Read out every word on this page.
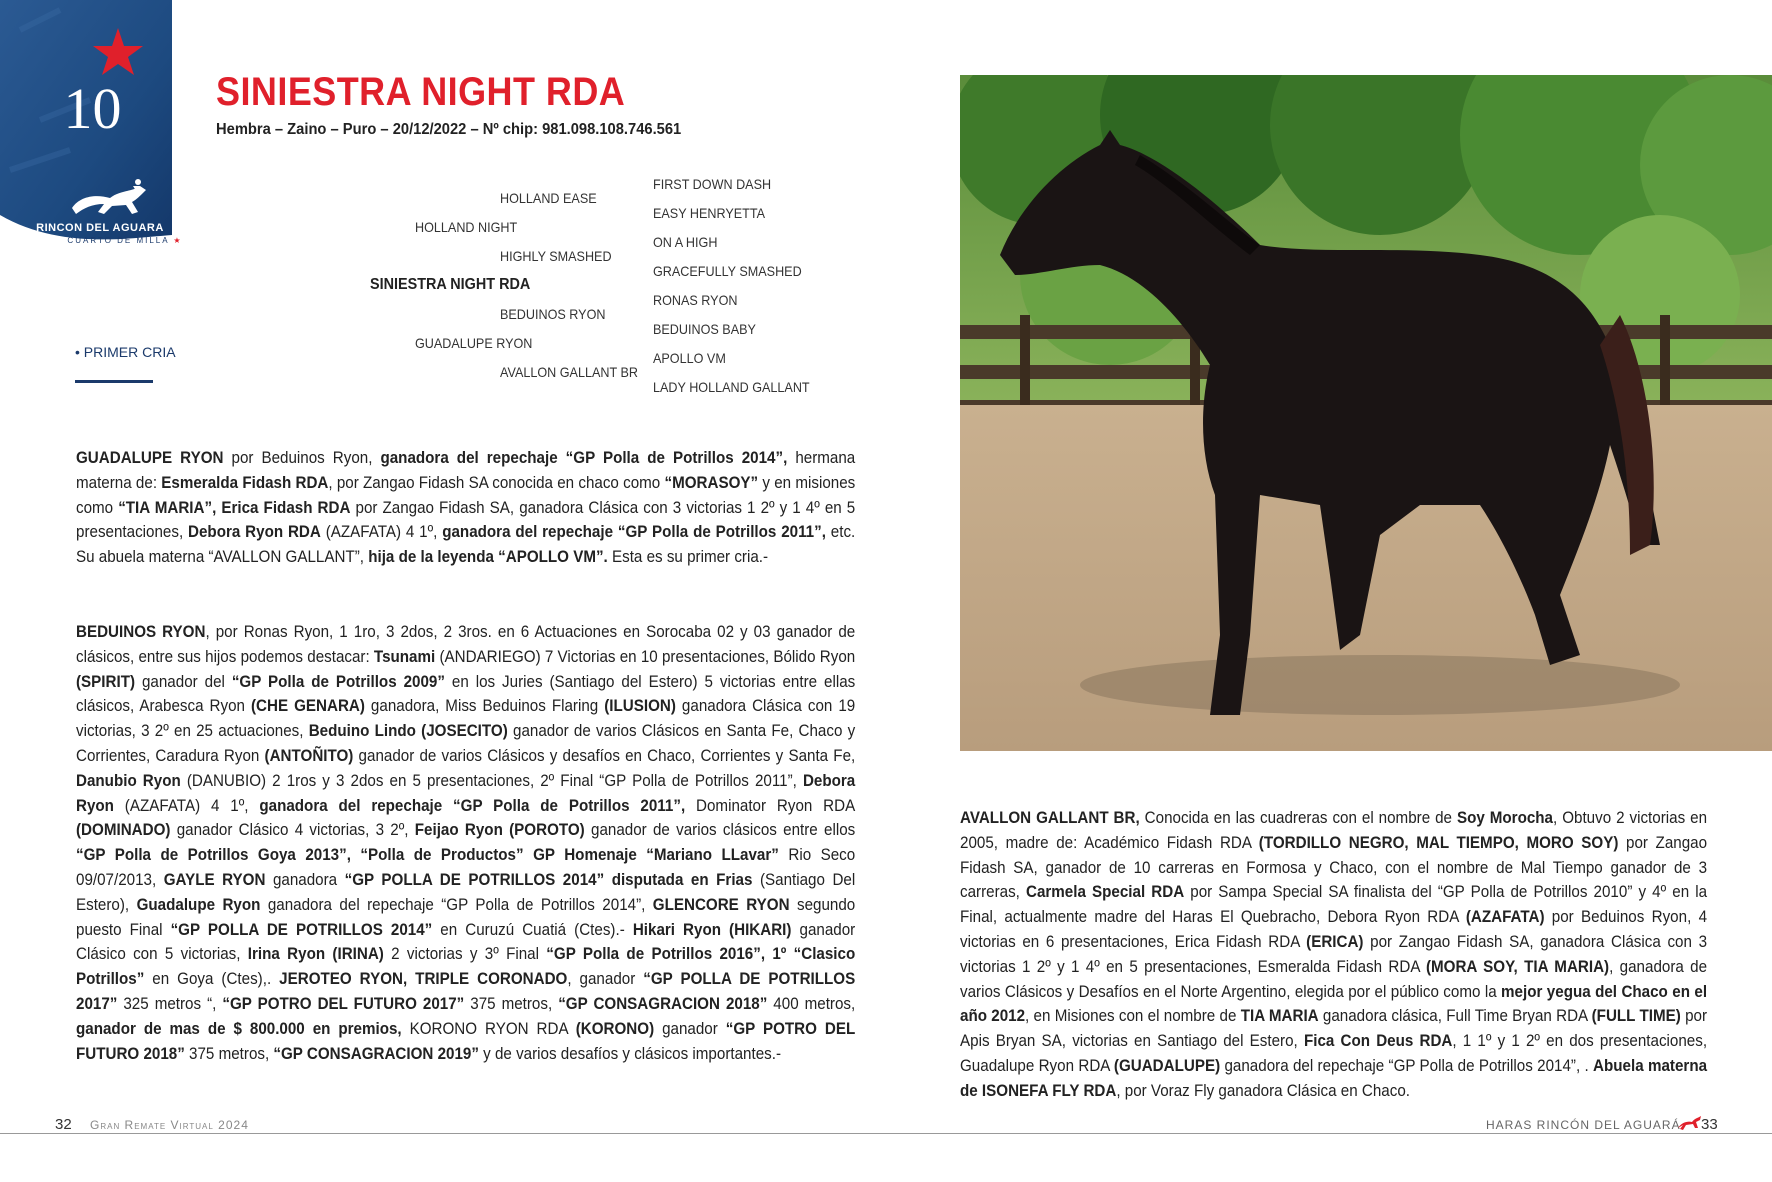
10
RINCON DEL AGUARA
CUARTO DE MILLA ★
SINIESTRA NIGHT RDA
Hembra – Zaino – Puro – 20/12/2022 – Nº chip: 981.098.108.746.561
HOLLAND EASE
HOLLAND NIGHT
HIGHLY SMASHED
SINIESTRA NIGHT RDA
BEDUINOS RYON
GUADALUPE RYON
AVALLON GALLANT BR
FIRST DOWN DASH
EASY HENRYETTA
ON A HIGH
GRACEFULLY SMASHED
RONAS RYON
BEDUINOS BABY
APOLLO VM
LADY HOLLAND GALLANT
• PRIMER CRIA
GUADALUPE RYON por Beduinos Ryon, ganadora del repechaje “GP Polla de Potrillos 2014”, hermana materna de: Esmeralda Fidash RDA, por Zangao Fidash SA conocida en chaco como “MORASOY” y en misiones como “TIA MARIA”, Erica Fidash RDA por Zangao Fidash SA, ganadora Clásica con 3 victorias 1 2º y 1 4º en 5 presentaciones, Debora Ryon RDA (AZAFATA) 4 1º, ganadora del repechaje “GP Polla de Potrillos 2011”, etc. Su abuela materna “AVALLON GALLANT”, hija de la leyenda “APOLLO VM”. Esta es su primer cria.-
BEDUINOS RYON, por Ronas Ryon, 1 1ro, 3 2dos, 2 3ros. en 6 Actuaciones en Sorocaba 02 y 03 ganador de clásicos, entre sus hijos podemos destacar: Tsunami (ANDARIEGO) 7 Victorias en 10 presentaciones, Bólido Ryon (SPIRIT) ganador del “GP Polla de Potrillos 2009” en los Juries (Santiago del Estero) 5 victorias entre ellas clásicos, Arabesca Ryon (CHE GENARA) ganadora, Miss Beduinos Flaring (ILUSION) ganadora Clásica con 19 victorias, 3 2º en 25 actuaciones, Beduino Lindo (JOSECITO) ganador de varios Clásicos en Santa Fe, Chaco y Corrientes, Caradura Ryon (ANTOÑITO) ganador de varios Clásicos y desafíos en Chaco, Corrientes y Santa Fe, Danubio Ryon (DANUBIO) 2 1ros y 3 2dos en 5 presentaciones, 2º Final “GP Polla de Potrillos 2011”, Debora Ryon (AZAFATA) 4 1º, ganadora del repechaje “GP Polla de Potrillos 2011”, Dominator Ryon RDA (DOMINADO) ganador Clásico 4 victorias, 3 2º, Feijao Ryon (POROTO) ganador de varios clásicos entre ellos “GP Polla de Potrillos Goya 2013”, “Polla de Productos” GP Homenaje “Mariano LLavar” Rio Seco 09/07/2013, GAYLE RYON ganadora “GP POLLA DE POTRILLOS 2014” disputada en Frias (Santiago Del Estero), Guadalupe Ryon ganadora del repechaje “GP Polla de Potrillos 2014”, GLENCORE RYON segundo puesto Final “GP POLLA DE POTRILLOS 2014” en Curuzú Cuatiá (Ctes).- Hikari Ryon (HIKARI) ganador Clásico con 5 victorias, Irina Ryon (IRINA) 2 victorias y 3º Final “GP Polla de Potrillos 2016”, 1º “Clasico Potrillos” en Goya (Ctes),. JEROTEO RYON, TRIPLE CORONADO, ganador “GP POLLA DE POTRILLOS 2017” 325 metros “, “GP POTRO DEL FUTURO 2017” 375 metros, “GP CONSAGRACION 2018” 400 metros, ganador de mas de $ 800.000 en premios, KORONO RYON RDA (KORONO) ganador “GP POTRO DEL FUTURO 2018” 375 metros, “GP CONSAGRACION 2019” y de varios desafíos y clásicos importantes.-
32 Gran Remate Virtual 2024	HARAS RINCÓN DEL AGUARÁ 33
AVALLON GALLANT BR, Conocida en las cuadreras con el nombre de Soy Morocha, Obtuvo 2 victorias en 2005, madre de: Académico Fidash RDA (TORDILLO NEGRO, MAL TIEMPO, MORO SOY) por Zangao Fidash SA, ganador de 10 carreras en Formosa y Chaco, con el nombre de Mal Tiempo ganador de 3 carreras, Carmela Special RDA por Sampa Special SA finalista del “GP Polla de Potrillos 2010” y 4º en la Final, actualmente madre del Haras El Quebracho, Debora Ryon RDA (AZAFATA) por Beduinos Ryon, 4 victorias en 6 presentaciones, Erica Fidash RDA (ERICA) por Zangao Fidash SA, ganadora Clásica con 3 victorias 1 2º y 1 4º en 5 presentaciones, Esmeralda Fidash RDA (MORA SOY, TIA MARIA), ganadora de varios Clásicos y Desafíos en el Norte Argentino, elegida por el público como la mejor yegua del Chaco en el año 2012, en Misiones con el nombre de TIA MARIA ganadora clásica, Full Time Bryan RDA (FULL TIME) por Apis Bryan SA, victorias en Santiago del Estero, Fica Con Deus RDA, 1 1º y 1 2º en dos presentaciones, Guadalupe Ryon RDA (GUADALUPE) ganadora del repechaje “GP Polla de Potrillos 2014”, . Abuela materna de ISONEFA FLY RDA, por Voraz Fly ganadora Clásica en Chaco.
